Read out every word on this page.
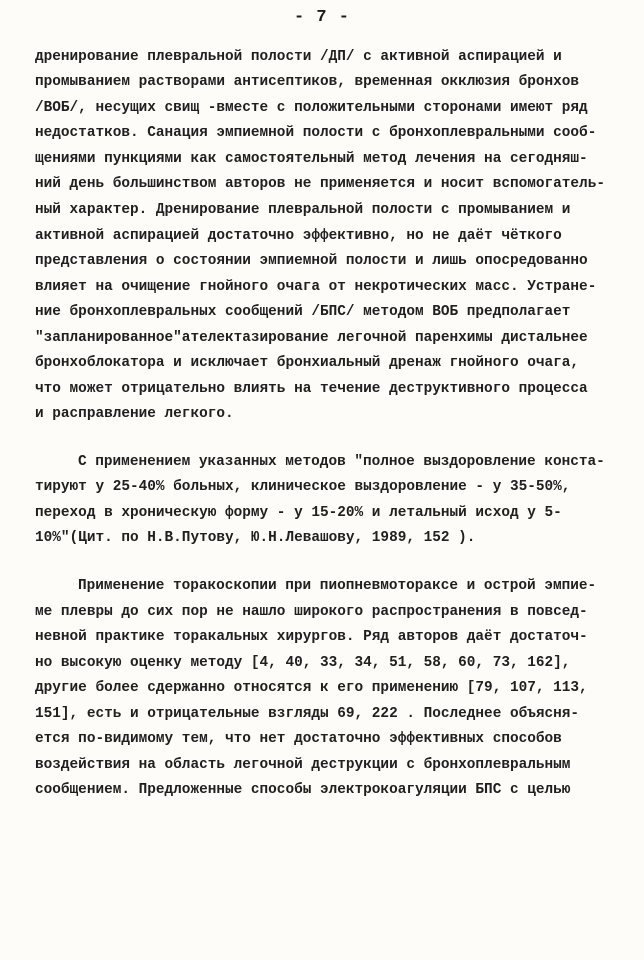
- 7 -
дренирование плевральной полости /ДП/ с активной аспирацией и
промыванием растворами антисептиков, временная окклюзия бронхов
/ВОБ/, несущих свищ -вместе с положительными сторонами имеют ряд
недостатков. Санация эмпиемной полости с бронхоплевральными сооб-
щениями пункциями как самостоятельный метод лечения на сегодняш-
ний день большинством авторов не применяется и носит вспомогатель-
ный характер. Дренирование плевральной полости с промыванием и
активной аспирацией достаточно эффективно, но не даёт чёткого
представления о состоянии эмпиемной полости и лишь опосредованно
влияет на очищение гнойного очага от некротических масс. Устране-
ние бронхоплевральных сообщений /БПС/ методом ВОБ предполагает
"запланированное"ателектазирование легочной паренхимы дистальнее
бронхоблокатора и исключает бронхиальный дренаж гнойного очага,
что может отрицательно влиять на течение деструктивного процесса
и расправление легкого.
С применением указанных методов "полное выздоровление конста-
тируют у 25-40% больных, клиническое выздоровление - у 35-50%,
переход в хроническую форму - у 15-20% и летальный исход у 5-
10%"(Цит. по Н.В.Путову, Ю.Н.Левашову, 1989, 152 ).
Применение торакоскопии при пиопневмотораксе и острой эмпие-
ме плевры до сих пор не нашло широкого распространения в повсед-
невной практике торакальных хирургов. Ряд авторов даёт достаточ-
но высокую оценку методу [4, 40, 33, 34, 51, 58, 60, 73, 162],
другие более сдержанно относятся к его применению [79, 107, 113,
151], есть и отрицательные взгляды 69, 222 . Последнее объясня-
ется по-видимому тем, что нет достаточно эффективных способов
воздействия на область легочной деструкции с бронхоплевральным
сообщением. Предложенные способы электрокоагуляции БПС с целью
